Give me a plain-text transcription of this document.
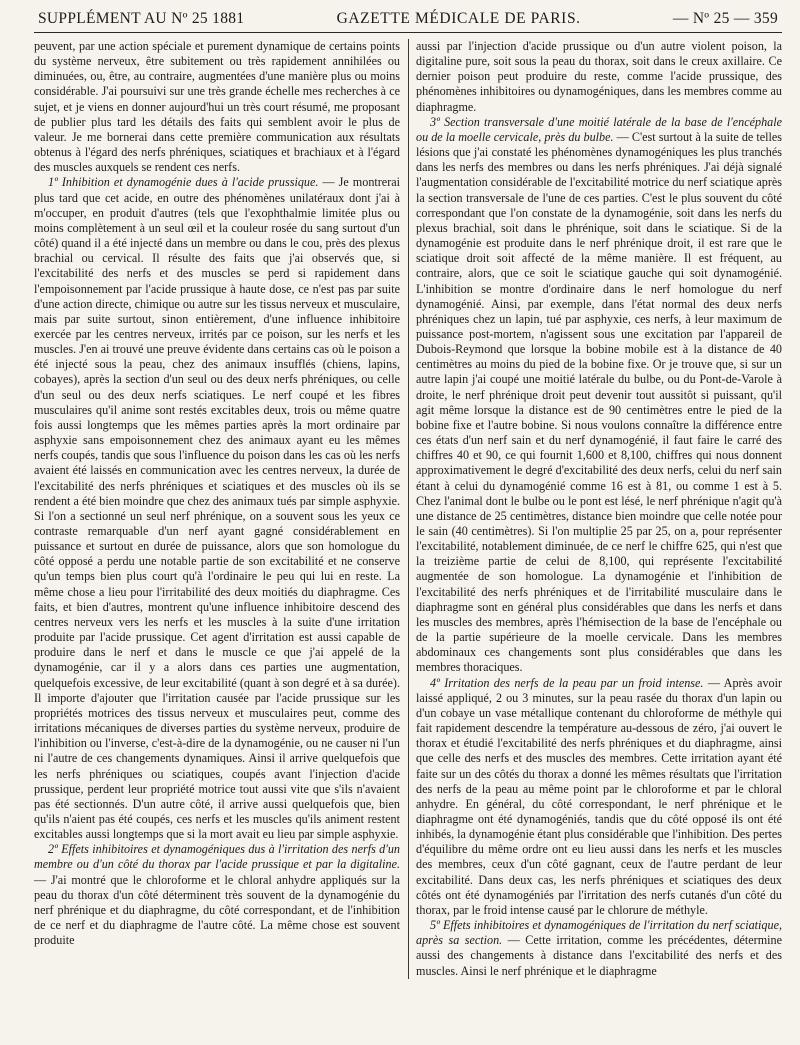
SUPPLÉMENT AU Nº 25 1881	GAZETTE MÉDICALE DE PARIS.	— Nº 25 — 359

peuvent, par une action spéciale et purement dynamique de certains points du système nerveux, être subitement ou très rapidement annihilées ou diminuées, ou, être, au contraire, augmentées d'une manière plus ou moins considérable. J'ai poursuivi sur une très grande échelle mes recherches à ce sujet, et je viens en donner aujourd'hui un très court résumé, me proposant de publier plus tard les détails des faits qui semblent avoir le plus de valeur. Je me bornerai dans cette première communication aux résultats obtenus à l'égard des nerfs phréniques, sciatiques et brachiaux et à l'égard des muscles auxquels se rendent ces nerfs.

1º Inhibition et dynamogénie dues à l'acide prussique. — Je montrerai plus tard que cet acide, en outre des phénomènes unilatéraux dont j'ai à m'occuper, en produit d'autres (tels que l'exophthalmie limitée plus ou moins complètement à un seul œil et la couleur rosée du sang surtout d'un côté) quand il a été injecté dans un membre ou dans le cou, près des plexus brachial ou cervical. Il résulte des faits que j'ai observés que, si l'excitabilité des nerfs et des muscles se perd si rapidement dans l'empoisonnement par l'acide prussique à haute dose, ce n'est pas par suite d'une action directe, chimique ou autre sur les tissus nerveux et musculaire, mais par suite surtout, sinon entièrement, d'une influence inhibitoire exercée par les centres nerveux, irrités par ce poison, sur les nerfs et les muscles. J'en ai trouvé une preuve évidente dans certains cas où le poison a été injecté sous la peau, chez des animaux insufflés (chiens, lapins, cobayes), après la section d'un seul ou des deux nerfs phréniques, ou celle d'un seul ou des deux nerfs sciatiques. Le nerf coupé et les fibres musculaires qu'il anime sont restés excitables deux, trois ou même quatre fois aussi longtemps que les mêmes parties après la mort ordinaire par asphyxie sans empoisonnement chez des animaux ayant eu les mêmes nerfs coupés, tandis que sous l'influence du poison dans les cas où les nerfs avaient été laissés en communication avec les centres nerveux, la durée de l'excitabilité des nerfs phréniques et sciatiques et des muscles où ils se rendent a été bien moindre que chez des animaux tués par simple asphyxie. Si l'on a sectionné un seul nerf phrénique, on a souvent sous les yeux ce contraste remarquable d'un nerf ayant gagné considérablement en puissance et surtout en durée de puissance, alors que son homologue du côté opposé a perdu une notable partie de son excitabilité et ne conserve qu'un temps bien plus court qu'à l'ordinaire le peu qui lui en reste. La même chose a lieu pour l'irritabilité des deux moitiés du diaphragme. Ces faits, et bien d'autres, montrent qu'une influence inhibitoire descend des centres nerveux vers les nerfs et les muscles à la suite d'une irritation produite par l'acide prussique. Cet agent d'irritation est aussi capable de produire dans le nerf et dans le muscle ce que j'ai appelé de la dynamogénie, car il y a alors dans ces parties une augmentation, quelquefois excessive, de leur excitabilité (quant à son degré et à sa durée). Il importe d'ajouter que l'irritation causée par l'acide prussique sur les propriétés motrices des tissus nerveux et musculaires peut, comme des irritations mécaniques de diverses parties du système nerveux, produire de l'inhibition ou l'inverse, c'est-à-dire de la dynamogénie, ou ne causer ni l'un ni l'autre de ces changements dynamiques. Ainsi il arrive quelquefois que les nerfs phréniques ou sciatiques, coupés avant l'injection d'acide prussique, perdent leur propriété motrice tout aussi vite que s'ils n'avaient pas été sectionnés. D'un autre côté, il arrive aussi quelquefois que, bien qu'ils n'aient pas été coupés, ces nerfs et les muscles qu'ils animent restent excitables aussi longtemps que si la mort avait eu lieu par simple asphyxie.

2º Effets inhibitoires et dynamogéniques dus à l'irritation des nerfs d'un membre ou d'un côté du thorax par l'acide prussique et par la digitaline. — J'ai montré que le chloroforme et le chloral anhydre appliqués sur la peau du thorax d'un côté déterminent très souvent de la dynamogénie du nerf phrénique et du diaphragme, du côté correspondant, et de l'inhibition de ce nerf et du diaphragme de l'autre côté. La même chose est souvent produite

aussi par l'injection d'acide prussique ou d'un autre violent poison, la digitaline pure, soit sous la peau du thorax, soit dans le creux axillaire. Ce dernier poison peut produire du reste, comme l'acide prussique, des phénomènes inhibitoires ou dynamogéniques, dans les membres comme au diaphragme.

3º Section transversale d'une moitié latérale de la base de l'encéphale ou de la moelle cervicale, près du bulbe. — C'est surtout à la suite de telles lésions que j'ai constaté les phénomènes dynamogéniques les plus tranchés dans les nerfs des membres ou dans les nerfs phréniques. J'ai déjà signalé l'augmentation considérable de l'excitabilité motrice du nerf sciatique après la section transversale de l'une de ces parties. C'est le plus souvent du côté correspondant que l'on constate de la dynamogénie, soit dans les nerfs du plexus brachial, soit dans le phrénique, soit dans le sciatique. Si de la dynamogénie est produite dans le nerf phrénique droit, il est rare que le sciatique droit soit affecté de la même manière. Il est fréquent, au contraire, alors, que ce soit le sciatique gauche qui soit dynamogénié. L'inhibition se montre d'ordinaire dans le nerf homologue du nerf dynamogénié. Ainsi, par exemple, dans l'état normal des deux nerfs phréniques chez un lapin, tué par asphyxie, ces nerfs, à leur maximum de puissance post-mortem, n'agissent sous une excitation par l'appareil de Dubois-Reymond que lorsque la bobine mobile est à la distance de 40 centimètres au moins du pied de la bobine fixe. Or je trouve que, si sur un autre lapin j'ai coupé une moitié latérale du bulbe, ou du Pont-de-Varole à droite, le nerf phrénique droit peut devenir tout aussitôt si puissant, qu'il agit même lorsque la distance est de 90 centimètres entre le pied de la bobine fixe et l'autre bobine. Si nous voulons connaître la différence entre ces états d'un nerf sain et du nerf dynamogénié, il faut faire le carré des chiffres 40 et 90, ce qui fournit 1,600 et 8,100, chiffres qui nous donnent approximativement le degré d'excitabilité des deux nerfs, celui du nerf sain étant à celui du dynamogénié comme 16 est à 81, ou comme 1 est à 5. Chez l'animal dont le bulbe ou le pont est lésé, le nerf phrénique n'agit qu'à une distance de 25 centimètres, distance bien moindre que celle notée pour le sain (40 centimètres). Si l'on multiplie 25 par 25, on a, pour représenter l'excitabilité, notablement diminuée, de ce nerf le chiffre 625, qui n'est que la treizième partie de celui de 8,100, qui représente l'excitabilité augmentée de son homologue. La dynamogénie et l'inhibition de l'excitabilité des nerfs phréniques et de l'irritabilité musculaire dans le diaphragme sont en général plus considérables que dans les nerfs et dans les muscles des membres, après l'hémisection de la base de l'encéphale ou de la partie supérieure de la moelle cervicale. Dans les membres abdominaux ces changements sont plus considérables que dans les membres thoraciques.

4º Irritation des nerfs de la peau par un froid intense. — Après avoir laissé appliqué, 2 ou 3 minutes, sur la peau rasée du thorax d'un lapin ou d'un cobaye un vase métallique contenant du chloroforme de méthyle qui fait rapidement descendre la température au-dessous de zéro, j'ai ouvert le thorax et étudié l'excitabilité des nerfs phréniques et du diaphragme, ainsi que celle des nerfs et des muscles des membres. Cette irritation ayant été faite sur un des côtés du thorax a donné les mêmes résultats que l'irritation des nerfs de la peau au même point par le chloroforme et par le chloral anhydre. En général, du côté correspondant, le nerf phrénique et le diaphragme ont été dynamogéniés, tandis que du côté opposé ils ont été inhibés, la dynamogénie étant plus considérable que l'inhibition. Des pertes d'équilibre du même ordre ont eu lieu aussi dans les nerfs et les muscles des membres, ceux d'un côté gagnant, ceux de l'autre perdant de leur excitabilité. Dans deux cas, les nerfs phréniques et sciatiques des deux côtés ont été dynamogéniés par l'irritation des nerfs cutanés d'un côté du thorax, par le froid intense causé par le chlorure de méthyle.

5º Effets inhibitoires et dynamogéniques de l'irritation du nerf sciatique, après sa section. — Cette irritation, comme les précédentes, détermine aussi des changements à distance dans l'excitabilité des nerfs et des muscles. Ainsi le nerf phrénique et le diaphragme
